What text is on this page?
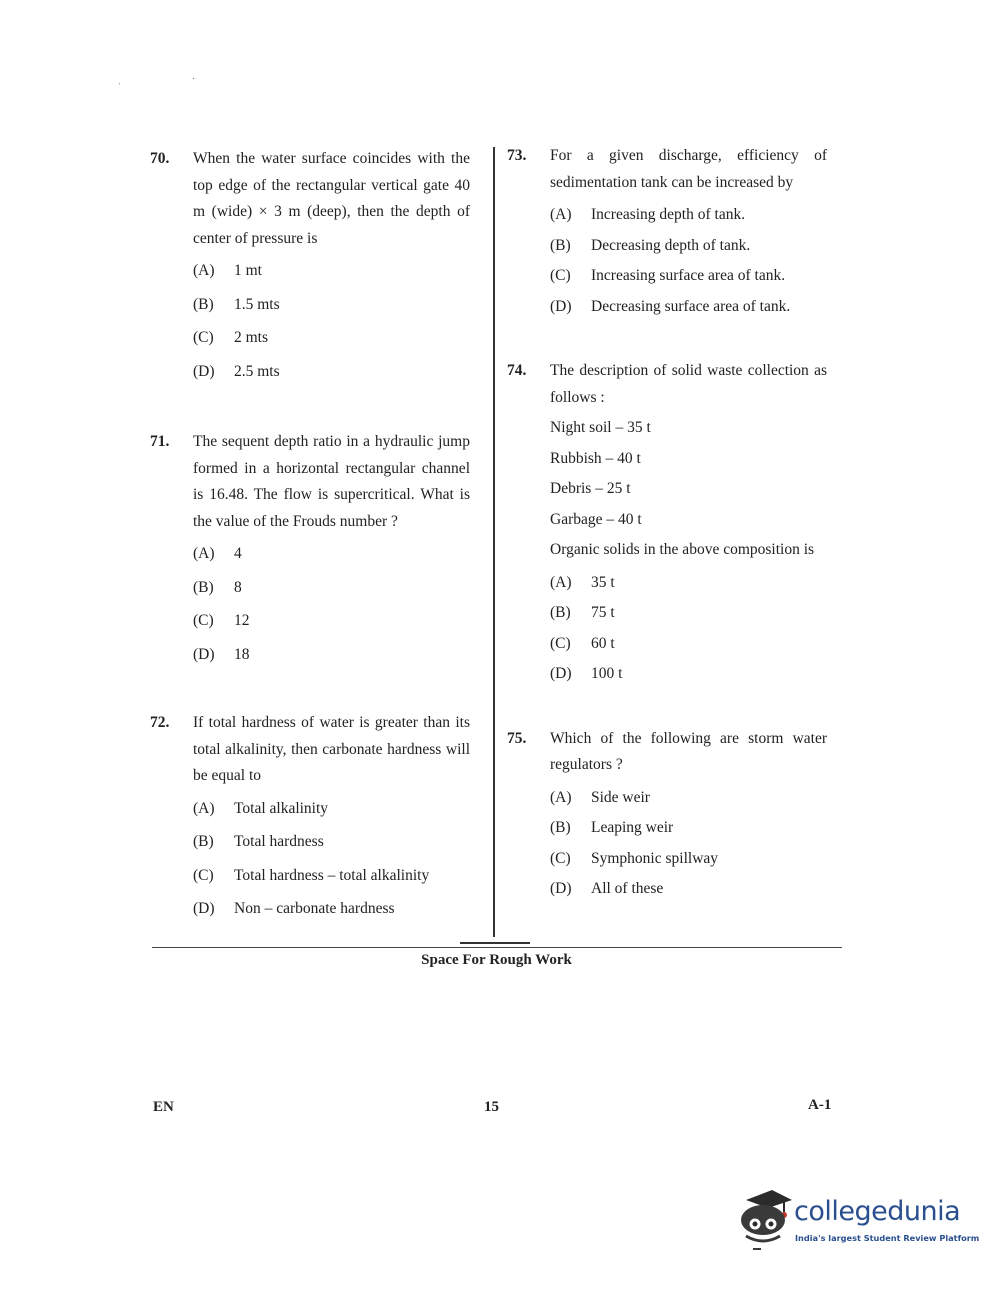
ˌ	·
70. When the water surface coincides with the top edge of the rectangular vertical gate 40 m (wide) × 3 m (deep), then the depth of center of pressure is
(A)	1 mt
(B)	1.5 mts
(C)	2 mts
(D)	2.5 mts
71. The sequent depth ratio in a hydraulic jump formed in a horizontal rectangular channel is 16.48. The flow is supercritical. What is the value of the Frouds number ?
(A)	4
(B)	8
(C)	12
(D)	18
72. If total hardness of water is greater than its total alkalinity, then carbonate hardness will be equal to
(A)	Total alkalinity
(B)	Total hardness
(C)	Total hardness – total alkalinity
(D)	Non – carbonate hardness
73. For a given discharge, efficiency of sedimentation tank can be increased by
(A)	Increasing depth of tank.
(B)	Decreasing depth of tank.
(C)	Increasing surface area of tank.
(D)	Decreasing surface area of tank.
74. The description of solid waste collection as follows :
Night soil – 35 t
Rubbish – 40 t
Debris – 25 t
Garbage – 40 t
Organic solids in the above composition is
(A)	35 t
(B)	75 t
(C)	60 t
(D)	100 t
75. Which of the following are storm water regulators ?
(A)	Side weir
(B)	Leaping weir
(C)	Symphonic spillway
(D)	All of these
Space For Rough Work
EN	15	A-1
collegedunia
India's largest Student Review Platform
